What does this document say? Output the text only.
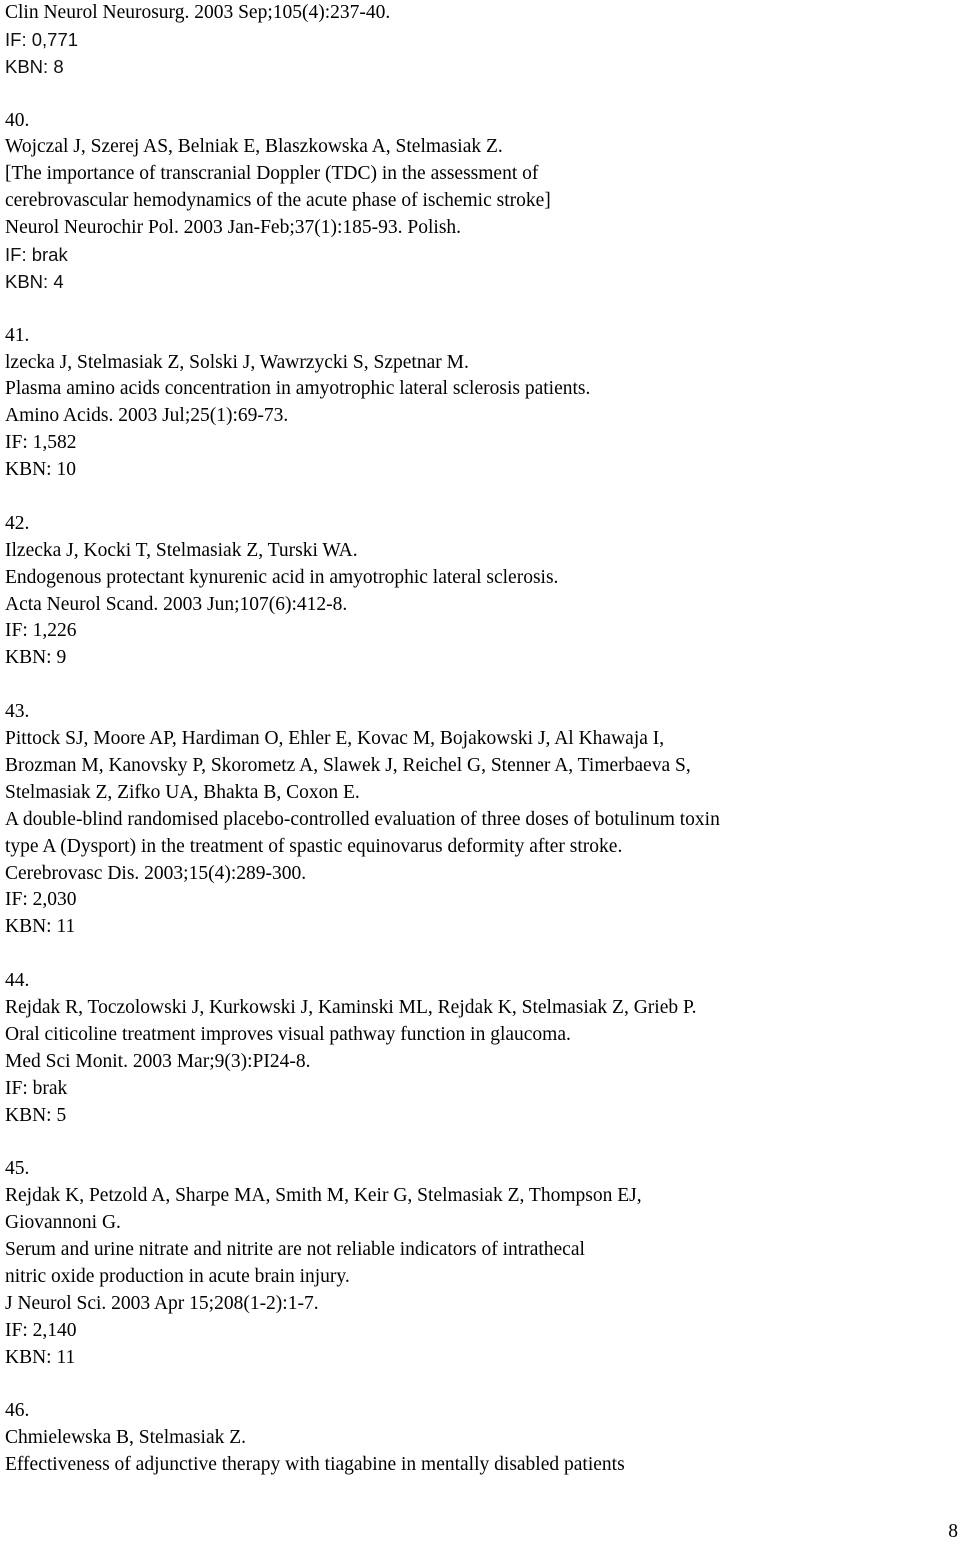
Clin Neurol Neurosurg. 2003 Sep;105(4):237-40.
IF: 0,771
KBN: 8
40.
Wojczal J, Szerej AS, Belniak E, Blaszkowska A, Stelmasiak Z.
[The importance of transcranial Doppler (TDC) in the assessment of
cerebrovascular hemodynamics of the acute phase of ischemic stroke]
Neurol Neurochir Pol. 2003 Jan-Feb;37(1):185-93. Polish.
IF: brak
KBN: 4
41.
lzecka J, Stelmasiak Z, Solski J, Wawrzycki S, Szpetnar M.
Plasma amino acids concentration in amyotrophic lateral sclerosis patients.
Amino Acids. 2003 Jul;25(1):69-73.
IF: 1,582
KBN: 10
42.
Ilzecka J, Kocki T, Stelmasiak Z, Turski WA.
Endogenous protectant kynurenic acid in amyotrophic lateral sclerosis.
Acta Neurol Scand. 2003 Jun;107(6):412-8.
IF: 1,226
KBN: 9
43.
Pittock SJ, Moore AP, Hardiman O, Ehler E, Kovac M, Bojakowski J, Al Khawaja I,
Brozman M, Kanovsky P, Skorometz A, Slawek J, Reichel G, Stenner A, Timerbaeva S,
Stelmasiak Z, Zifko UA, Bhakta B, Coxon E.
A double-blind randomised placebo-controlled evaluation of three doses of botulinum toxin
type A (Dysport) in the treatment of spastic equinovarus deformity after stroke.
Cerebrovasc Dis. 2003;15(4):289-300.
IF: 2,030
KBN: 11
44.
Rejdak R, Toczolowski J, Kurkowski J, Kaminski ML, Rejdak K, Stelmasiak Z, Grieb P.
Oral citicoline treatment improves visual pathway function in glaucoma.
Med Sci Monit. 2003 Mar;9(3):PI24-8.
IF: brak
KBN: 5
45.
Rejdak K, Petzold A, Sharpe MA, Smith M, Keir G, Stelmasiak Z, Thompson EJ,
Giovannoni G.
Serum and urine nitrate and nitrite are not reliable indicators of intrathecal
nitric oxide production in acute brain injury.
J Neurol Sci. 2003 Apr 15;208(1-2):1-7.
IF: 2,140
KBN: 11
46.
Chmielewska B, Stelmasiak Z.
Effectiveness of adjunctive therapy with tiagabine in mentally disabled patients
8
